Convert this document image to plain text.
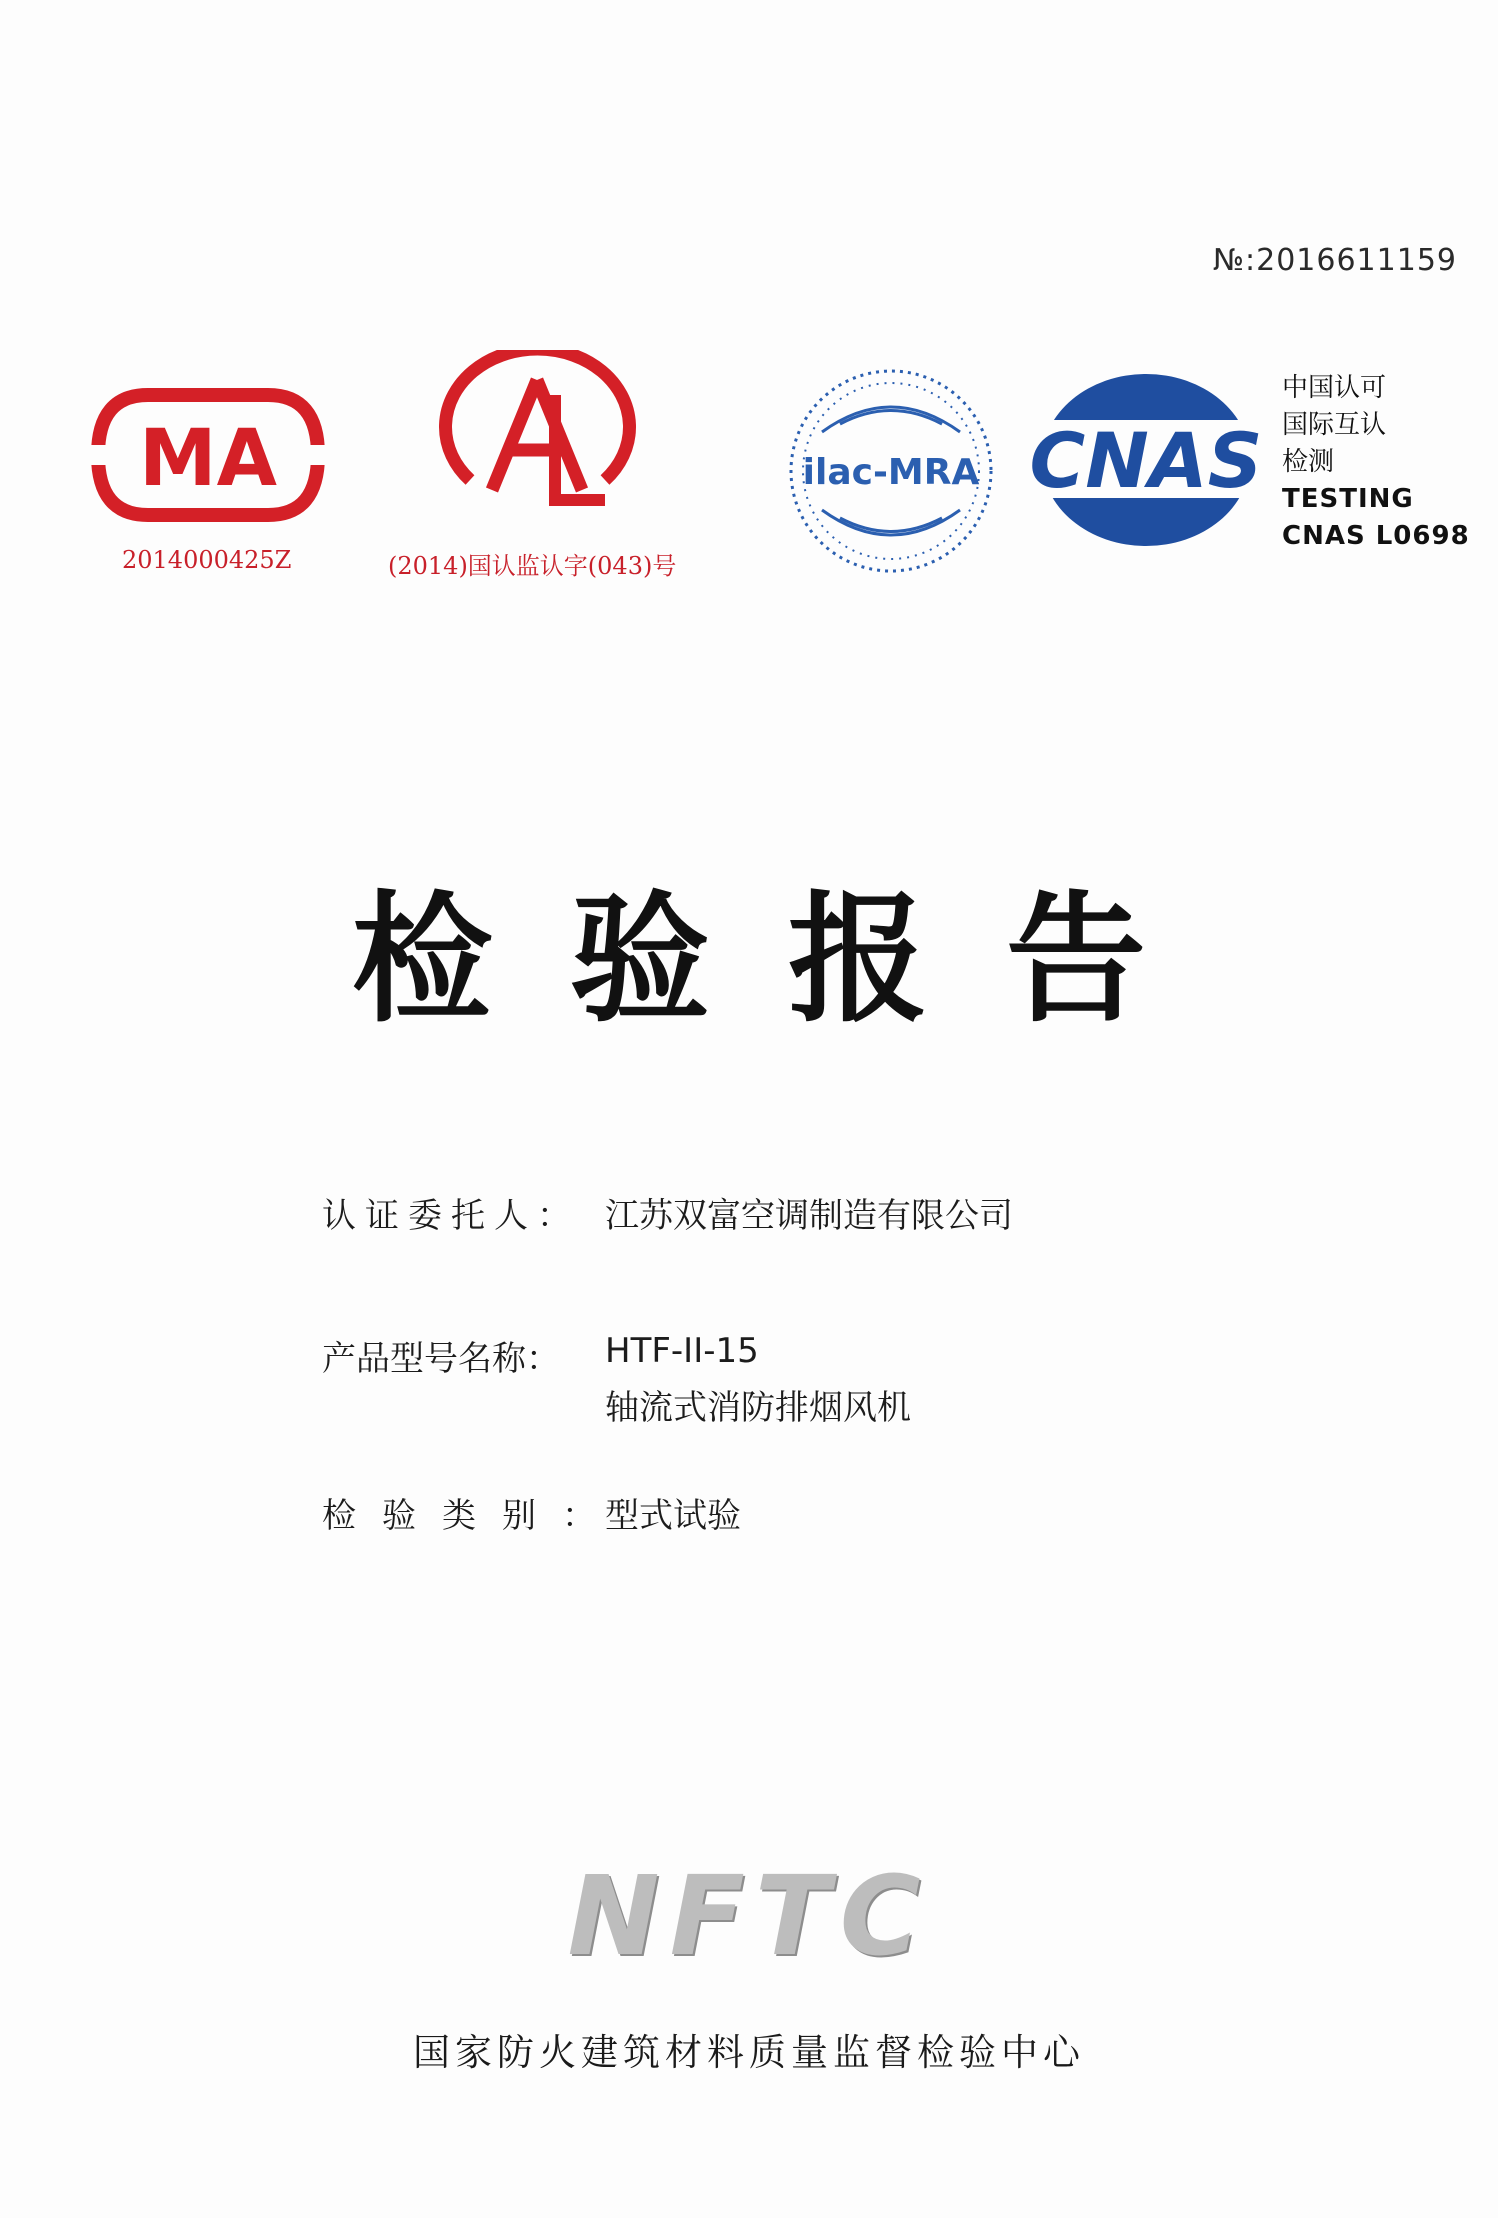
№:2016611159
MA
2014000425Z	(2014)国认监认字(043)号
ilac-MRA CNAS
中国认可
国际互认
检测
TESTING
CNAS L0698
检验报告
认证委托人： 江苏双富空调制造有限公司
产品型号名称：	HTF-II-15
轴流式消防排烟风机
检验类别：
型式试验
NFTC
国家防火建筑材料质量监督检验中心
